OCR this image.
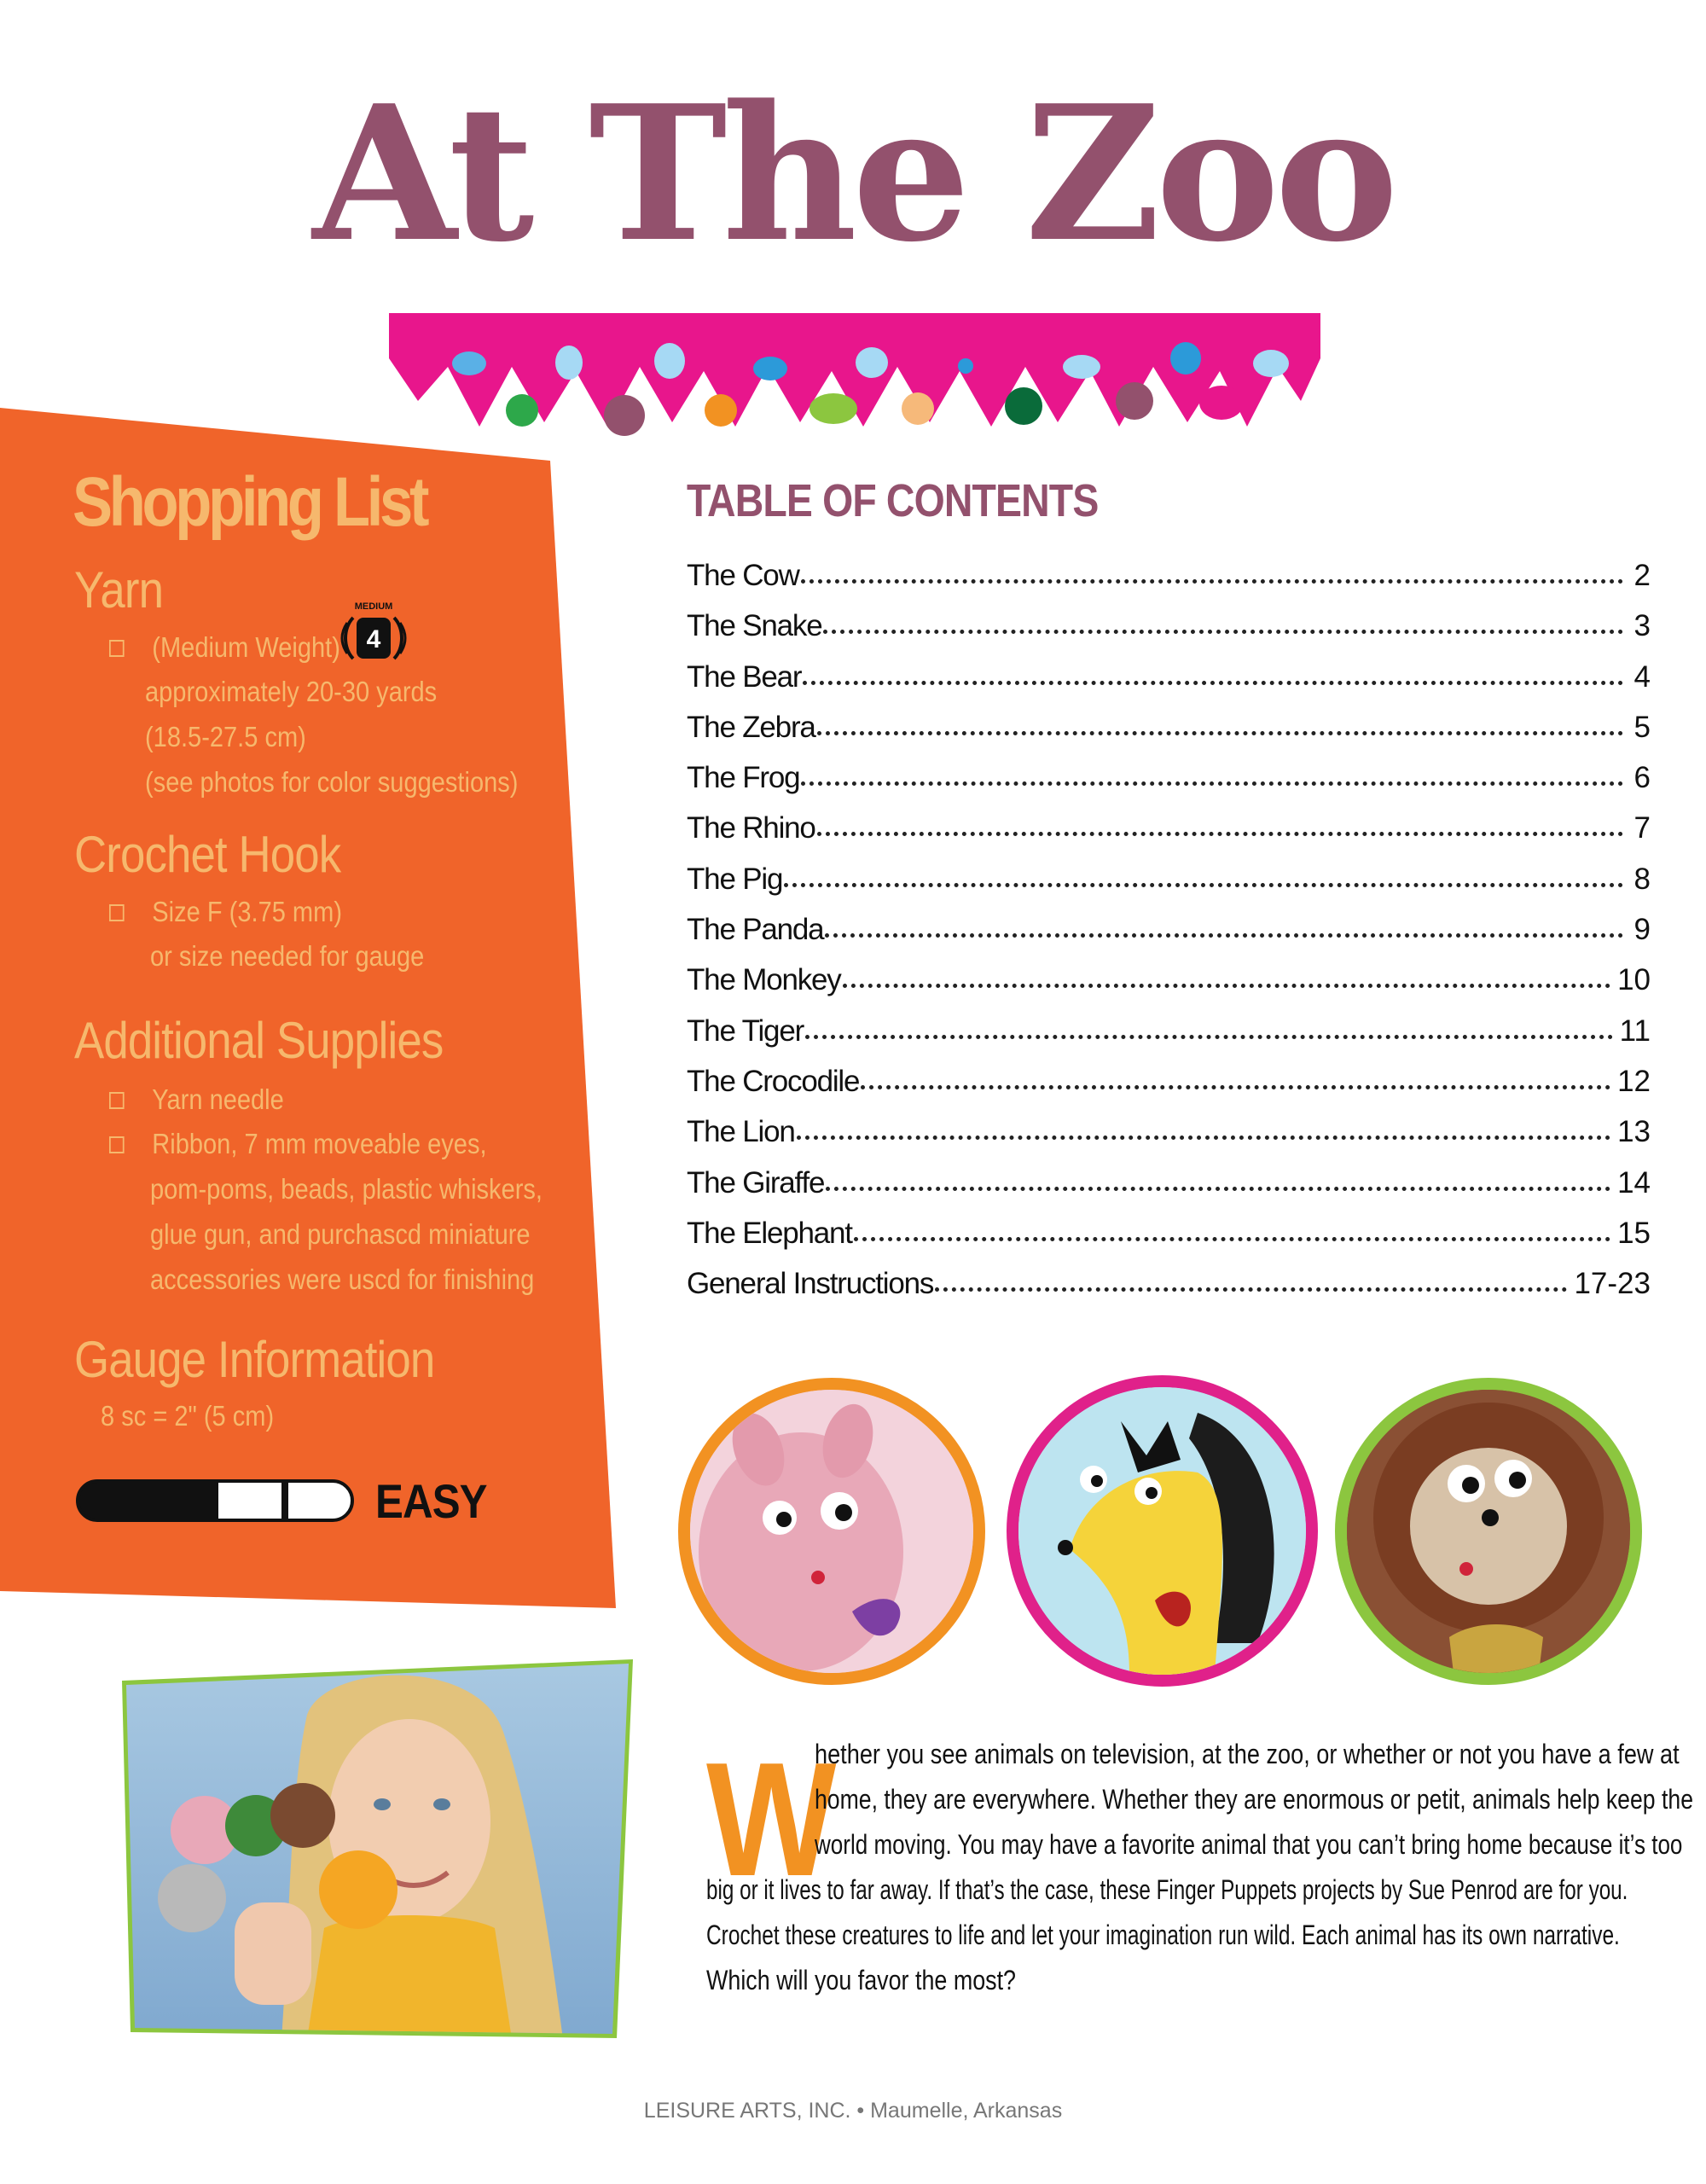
At The Zoo
Shopping List
Yarn
(Medium Weight)
MEDIUM
4
approximately 20-30 yards
(18.5-27.5 cm)
(see photos for color suggestions)
Crochet Hook
Size F (3.75 mm)
or size needed for gauge
Additional Supplies
Yarn needle
Ribbon, 7 mm moveable eyes,
pom-poms, beads, plastic whiskers,
glue gun, and purchascd miniature
accessories were uscd for finishing
Gauge Information
8 sc = 2" (5 cm)
EASY
TABLE OF CONTENTS
The Cow	2
The Snake	3
The Bear	4
The Zebra	5
The Frog	6
The Rhino	7
The Pig	8
The Panda	9
The Monkey	10
The Tiger	11
The Crocodile	12
The Lion	13
The Giraffe	14
The Elephant	15
General Instructions	17-23
W
hether you see animals on television, at the zoo, or whether or not you have a few at
home, they are everywhere. Whether they are enormous or petit, animals help keep the
world moving. You may have a favorite animal that you can’t bring home because it’s too
big or it lives to far away. If that’s the case, these Finger Puppets projects by Sue Penrod are for you.
Crochet these creatures to life and let your imagination run wild. Each animal has its own narrative.
Which will you favor the most?
LEISURE ARTS, INC. • Maumelle, Arkansas
